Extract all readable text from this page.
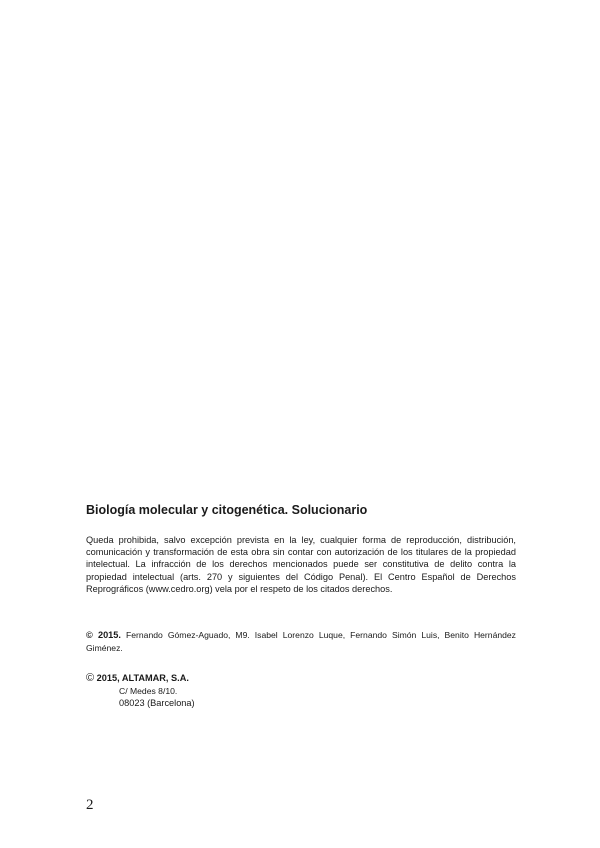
Biología molecular y citogenética. Solucionario

Queda prohibida, salvo excepción prevista en la ley, cualquier forma de reproducción, distribución, comunicación y transformación de esta obra sin contar con autorización de los titulares de la propiedad intelectual. La infracción de los derechos mencionados puede ser constitutiva de delito contra la propiedad intelectual (arts. 270 y siguientes del Código Penal). El Centro Español de Derechos Reprográficos (www.cedro.org) vela por el respeto de los citados derechos.

© 2015. Fernando Gómez-Aguado, M9. Isabel Lorenzo Luque, Fernando Simón Luis, Benito Hernández Giménez.

© 2015, ALTAMAR, S.A.
C/ Medes 8/10.
08023 (Barcelona)
2
